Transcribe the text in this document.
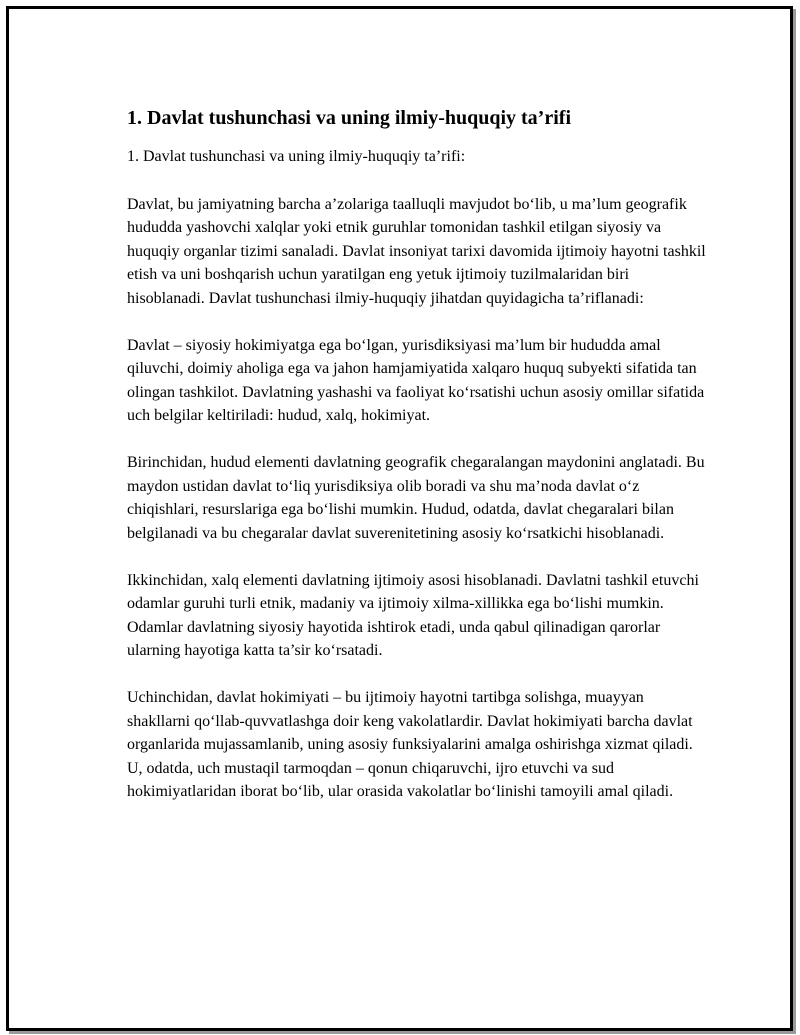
1. Davlat tushunchasi va uning ilmiy-huquqiy ta’rifi

1. Davlat tushunchasi va uning ilmiy-huquqiy ta’rifi:

Davlat, bu jamiyatning barcha a’zolariga taalluqli mavjudot bo‘lib, u ma’lum geografik hududda yashovchi xalqlar yoki etnik guruhlar tomonidan tashkil etilgan siyosiy va huquqiy organlar tizimi sanaladi. Davlat insoniyat tarixi davomida ijtimoiy hayotni tashkil etish va uni boshqarish uchun yaratilgan eng yetuk ijtimoiy tuzilmalaridan biri hisoblanadi. Davlat tushunchasi ilmiy-huquqiy jihatdan quyidagicha ta’riflanadi:

Davlat – siyosiy hokimiyatga ega bo‘lgan, yurisdiksiyasi ma’lum bir hududda amal qiluvchi, doimiy aholiga ega va jahon hamjamiyatida xalqaro huquq subyekti sifatida tan olingan tashkilot. Davlatning yashashi va faoliyat ko‘rsatishi uchun asosiy omillar sifatida uch belgilar keltiriladi: hudud, xalq, hokimiyat.

Birinchidan, hudud elementi davlatning geografik chegaralangan maydonini anglatadi. Bu maydon ustidan davlat to‘liq yurisdiksiya olib boradi va shu ma’noda davlat o‘z chiqishlari, resurslariga ega bo‘lishi mumkin. Hudud, odatda, davlat chegaralari bilan belgilanadi va bu chegaralar davlat suverenitetining asosiy ko‘rsatkichi hisoblanadi.

Ikkinchidan, xalq elementi davlatning ijtimoiy asosi hisoblanadi. Davlatni tashkil etuvchi odamlar guruhi turli etnik, madaniy va ijtimoiy xilma-xillikka ega bo‘lishi mumkin. Odamlar davlatning siyosiy hayotida ishtirok etadi, unda qabul qilinadigan qarorlar ularning hayotiga katta ta’sir ko‘rsatadi.

Uchinchidan, davlat hokimiyati – bu ijtimoiy hayotni tartibga solishga, muayyan shakllarni qo‘llab-quvvatlashga doir keng vakolatlardir. Davlat hokimiyati barcha davlat organlarida mujassamlanib, uning asosiy funksiyalarini amalga oshirishga xizmat qiladi. U, odatda, uch mustaqil tarmoqdan – qonun chiqaruvchi, ijro etuvchi va sud hokimiyatlaridan iborat bo‘lib, ular orasida vakolatlar bo‘linishi tamoyili amal qiladi.
